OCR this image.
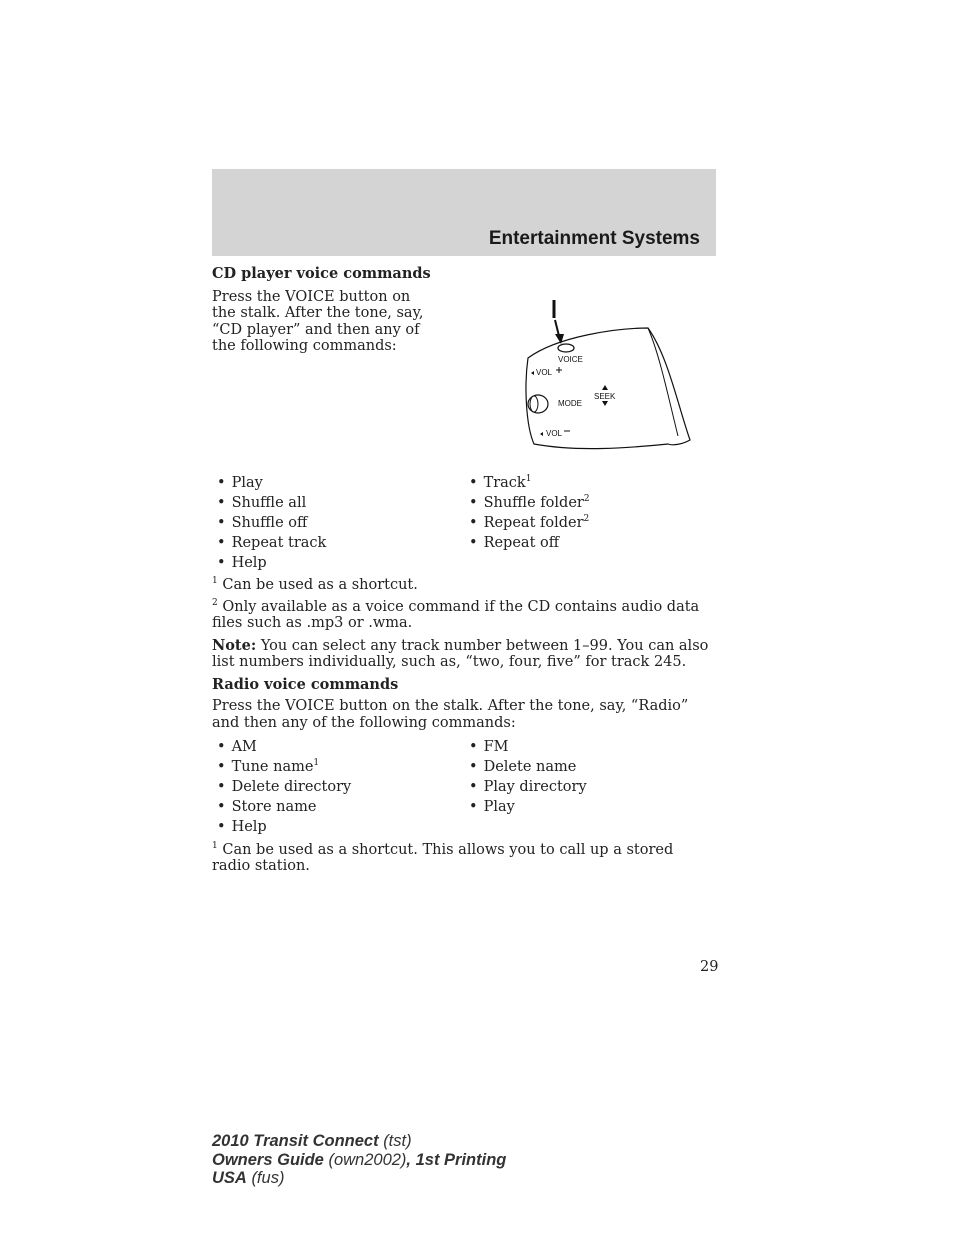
Entertainment Systems

CD player voice commands

Press the VOICE button on the stalk. After the tone, say, “CD player” and then any of the following commands:

VOICE
VOL
MODE
SEEK
VOL
• Play	• Track$^1$
• Shuffle all	• Shuffle folder$^2$
• Shuffle off	• Repeat folder$^2$
• Repeat track	• Repeat off
• Help

$^1$ Can be used as a shortcut.

$^2$ Only available as a voice command if the CD contains audio data files such as .mp3 or .wma.

Note: You can select any track number between 1–99. You can also list numbers individually, such as, “two, four, five” for track 245.

Radio voice commands

Press the VOICE button on the stalk. After the tone, say, “Radio” and then any of the following commands:

• AM	• FM
• Tune name$^1$	• Delete name
• Delete directory	• Play directory
• Store name	• Play
• Help

$^1$ Can be used as a shortcut. This allows you to call up a stored radio station.

29
2010 Transit Connect (tst)
Owners Guide (own2002), 1st Printing
USA (fus)
